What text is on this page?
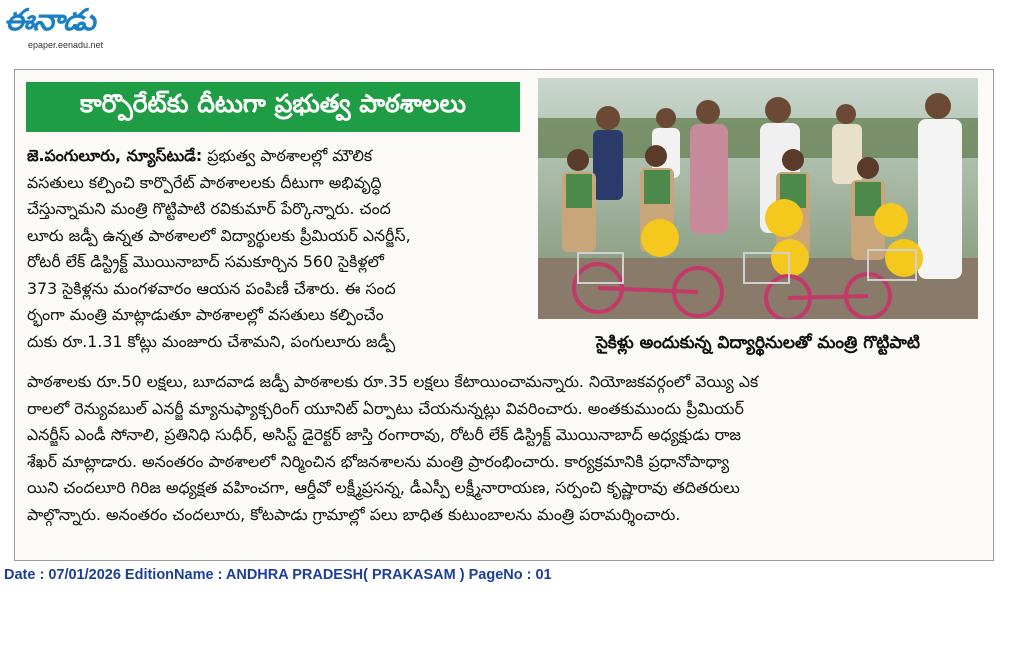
ఈనాడు
epaper.eenadu.net
కార్పొరేట్‌కు దీటుగా ప్రభుత్వ పాఠశాలలు
జె.పంగులూరు, న్యూస్‌టుడే: ప్రభుత్వ పాఠశాలల్లో మౌలిక
వసతులు కల్పించి కార్పొరేట్ పాఠశాలలకు దీటుగా అభివృద్ధి
చేస్తున్నామని మంత్రి గొట్టిపాటి రవికుమార్ పేర్కొన్నారు. చంద
లూరు జడ్పీ ఉన్నత పాఠశాలలో విద్యార్థులకు ప్రీమియర్ ఎనర్జీస్,
రోటరీ లేక్ డిస్ట్రిక్ట్ మొయినాబాద్ సమకూర్చిన 560 సైకిళ్లలో
373 సైకిళ్లను మంగళవారం ఆయన పంపిణీ చేశారు. ఈ సంద
ర్భంగా మంత్రి మాట్లాడుతూ పాఠశాలల్లో వసతులు కల్పించేం
దుకు రూ.1.31 కోట్లు మంజూరు చేశామని, పంగులూరు జడ్పీ	సైకిళ్లు అందుకున్న విద్యార్థినులతో మంత్రి గొట్టిపాటి
పాఠశాలకు రూ.50 లక్షలు, బూదవాడ జడ్పీ పాఠశాలకు రూ.35 లక్షలు కేటాయించామన్నారు. నియోజకవర్గంలో వెయ్యి ఎక
రాలలో రెన్యువబుల్ ఎనర్జీ మ్యానుఫ్యాక్చరింగ్ యూనిట్ ఏర్పాటు చేయనున్నట్లు వివరించారు. అంతకుముందు ప్రీమియర్
ఎనర్జీస్ ఎండీ సోనాలి, ప్రతినిధి సుధీర్, అసిస్ట్ డైరెక్టర్ జాస్తి రంగారావు, రోటరీ లేక్ డిస్ట్రిక్ట్ మొయినాబాద్ అధ్యక్షుడు రాజ
శేఖర్ మాట్లాడారు. అనంతరం పాఠశాలలో నిర్మించిన భోజనశాలను మంత్రి ప్రారంభించారు. కార్యక్రమానికి ప్రధానోపాధ్యా
యిని చందలూరి గిరిజ అధ్యక్షత వహించగా, ఆర్డీవో లక్ష్మీప్రసన్న, డీఎస్పీ లక్ష్మీనారాయణ, సర్పంచి కృష్ణారావు తదితరులు
పాల్గొన్నారు. అనంతరం చందలూరు, కోటపాడు గ్రామాల్లో పలు బాధిత కుటుంబాలను మంత్రి పరామర్శించారు.
Date : 07/01/2026 EditionName : ANDHRA PRADESH( PRAKASAM ) PageNo : 01
